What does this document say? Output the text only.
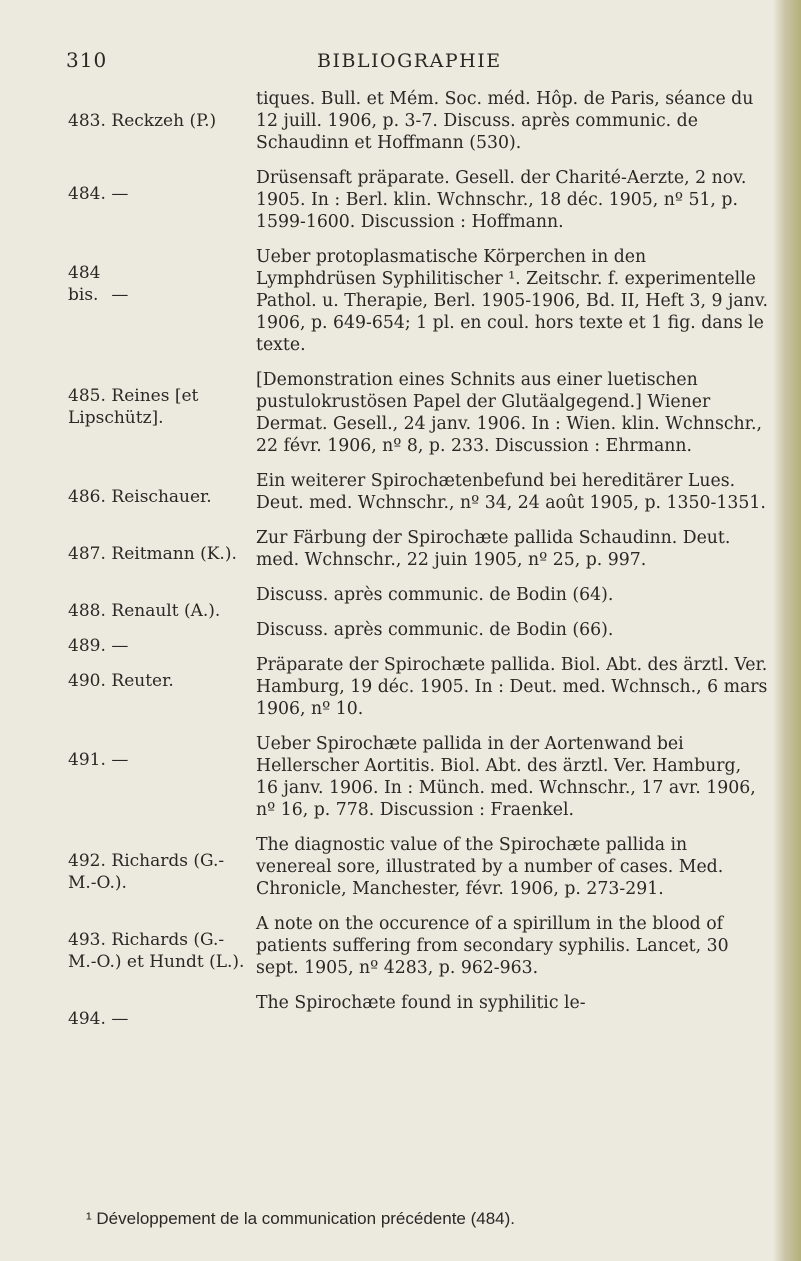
310	BIBLIOGRAPHIE
483. Reckzeh (P.)
tiques. Bull. et Mém. Soc. méd. Hôp. de Paris, séance du 12 juill. 1906, p. 3-7. Discuss. après communic. de Schaudinn et Hoffmann (530).
484. —
Drüsensaft präparate. Gesell. der Charité-Aerzte, 2 nov. 1905. In : Berl. klin. Wchnschr., 18 déc. 1905, nº 51, p. 1599-1600. Discussion : Hoffmann.
484 bis. —
Ueber protoplasmatische Körperchen in den Lymphdrüsen Syphilitischer ¹. Zeitschr. f. experimentelle Pathol. u. Therapie, Berl. 1905-1906, Bd. II, Heft 3, 9 janv. 1906, p. 649-654; 1 pl. en coul. hors texte et 1 fig. dans le texte.
485. Reines [et Lipschütz].
[Demonstration eines Schnits aus einer luetischen pustulokrustösen Papel der Glutäalgegend.] Wiener Dermat. Gesell., 24 janv. 1906. In : Wien. klin. Wchnschr., 22 févr. 1906, nº 8, p. 233. Discussion : Ehrmann.
486. Reischauer.
Ein weiterer Spirochætenbefund bei hereditärer Lues. Deut. med. Wchnschr., nº 34, 24 août 1905, p. 1350-1351.
487. Reitmann (K.).
Zur Färbung der Spirochæte pallida Schaudinn. Deut. med. Wchnschr., 22 juin 1905, nº 25, p. 997.
488. Renault (A.).
Discuss. après communic. de Bodin (64).
489. —
Discuss. après communic. de Bodin (66).
490. Reuter.
Präparate der Spirochæte pallida. Biol. Abt. des ärztl. Ver. Hamburg, 19 déc. 1905. In : Deut. med. Wchnsch., 6 mars 1906, nº 10.
491. —
Ueber Spirochæte pallida in der Aortenwand bei Hellerscher Aortitis. Biol. Abt. des ärztl. Ver. Hamburg, 16 janv. 1906. In : Münch. med. Wchnschr., 17 avr. 1906, nº 16, p. 778. Discussion : Fraenkel.
492. Richards (G.-M.-O.).
The diagnostic value of the Spirochæte pallida in venereal sore, illustrated by a number of cases. Med. Chronicle, Manchester, févr. 1906, p. 273-291.
493. Richards (G.-M.-O.) et Hundt (L.).
A note on the occurence of a spirillum in the blood of patients suffering from secondary syphilis. Lancet, 30 sept. 1905, nº 4283, p. 962-963.
494. —
The Spirochæte found in syphilitic le-
¹ Développement de la communication précédente (484).
